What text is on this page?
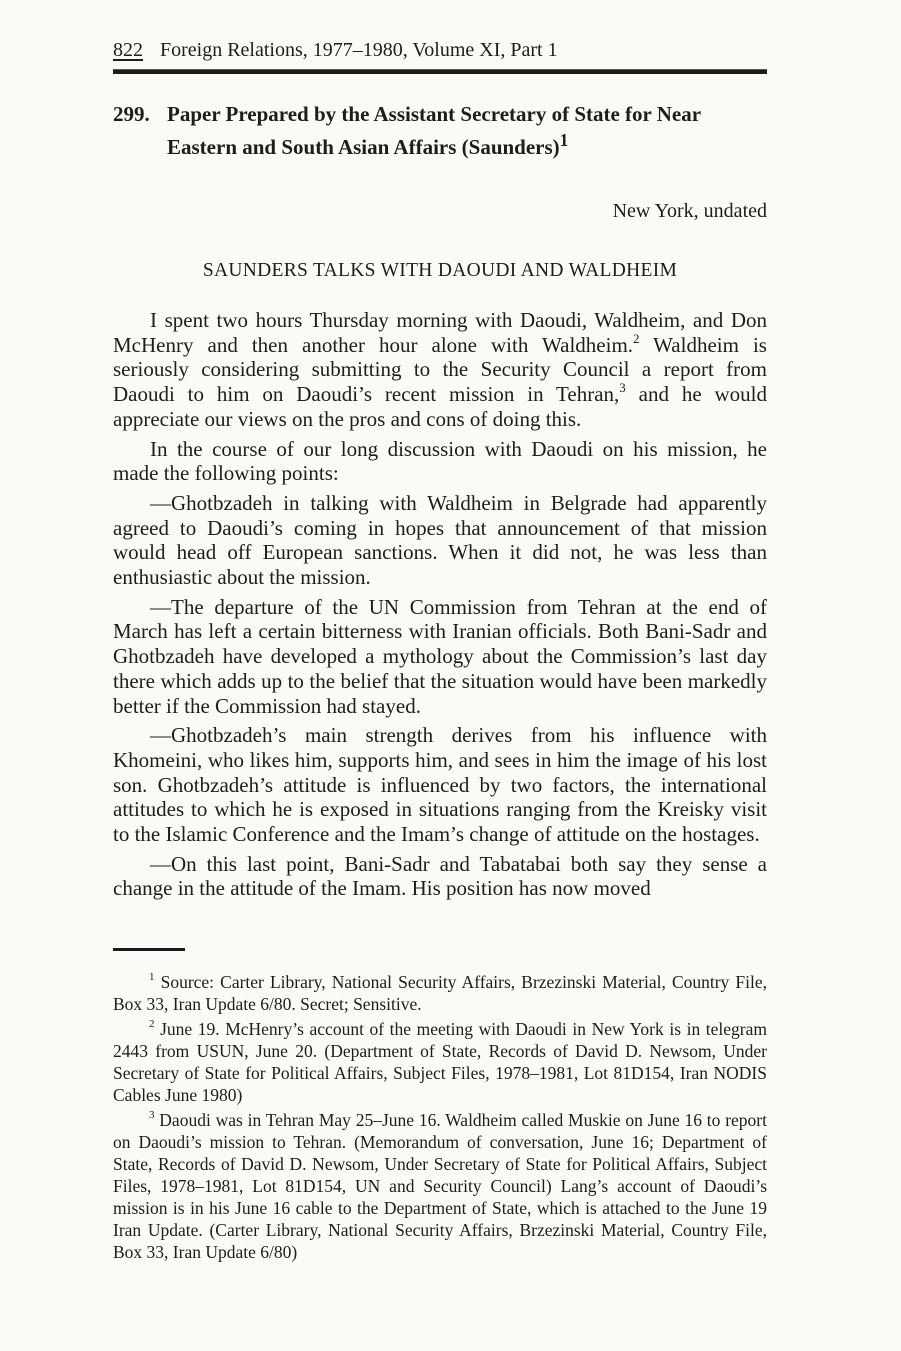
822 Foreign Relations, 1977–1980, Volume XI, Part 1
299. Paper Prepared by the Assistant Secretary of State for Near Eastern and South Asian Affairs (Saunders)$^1$

New York, undated

SAUNDERS TALKS WITH DAOUDI AND WALDHEIM

I spent two hours Thursday morning with Daoudi, Waldheim, and Don McHenry and then another hour alone with Waldheim.$^2$ Waldheim is seriously considering submitting to the Security Council a report from Daoudi to him on Daoudi’s recent mission in Tehran,$^3$ and he would appreciate our views on the pros and cons of doing this.

In the course of our long discussion with Daoudi on his mission, he made the following points:

—Ghotbzadeh in talking with Waldheim in Belgrade had apparently agreed to Daoudi’s coming in hopes that announcement of that mission would head off European sanctions. When it did not, he was less than enthusiastic about the mission.

—The departure of the UN Commission from Tehran at the end of March has left a certain bitterness with Iranian officials. Both Bani-Sadr and Ghotbzadeh have developed a mythology about the Commission’s last day there which adds up to the belief that the situation would have been markedly better if the Commission had stayed.

—Ghotbzadeh’s main strength derives from his influence with Khomeini, who likes him, supports him, and sees in him the image of his lost son. Ghotbzadeh’s attitude is influenced by two factors, the international attitudes to which he is exposed in situations ranging from the Kreisky visit to the Islamic Conference and the Imam’s change of attitude on the hostages.

—On this last point, Bani-Sadr and Tabatabai both say they sense a change in the attitude of the Imam. His position has now moved

$^1$ Source: Carter Library, National Security Affairs, Brzezinski Material, Country File, Box 33, Iran Update 6/80. Secret; Sensitive.

$^2$ June 19. McHenry’s account of the meeting with Daoudi in New York is in telegram 2443 from USUN, June 20. (Department of State, Records of David D. Newsom, Under Secretary of State for Political Affairs, Subject Files, 1978–1981, Lot 81D154, Iran NODIS Cables June 1980)

$^3$ Daoudi was in Tehran May 25–June 16. Waldheim called Muskie on June 16 to report on Daoudi’s mission to Tehran. (Memorandum of conversation, June 16; Department of State, Records of David D. Newsom, Under Secretary of State for Political Affairs, Subject Files, 1978–1981, Lot 81D154, UN and Security Council) Lang’s account of Daoudi’s mission is in his June 16 cable to the Department of State, which is attached to the June 19 Iran Update. (Carter Library, National Security Affairs, Brzezinski Material, Country File, Box 33, Iran Update 6/80)
